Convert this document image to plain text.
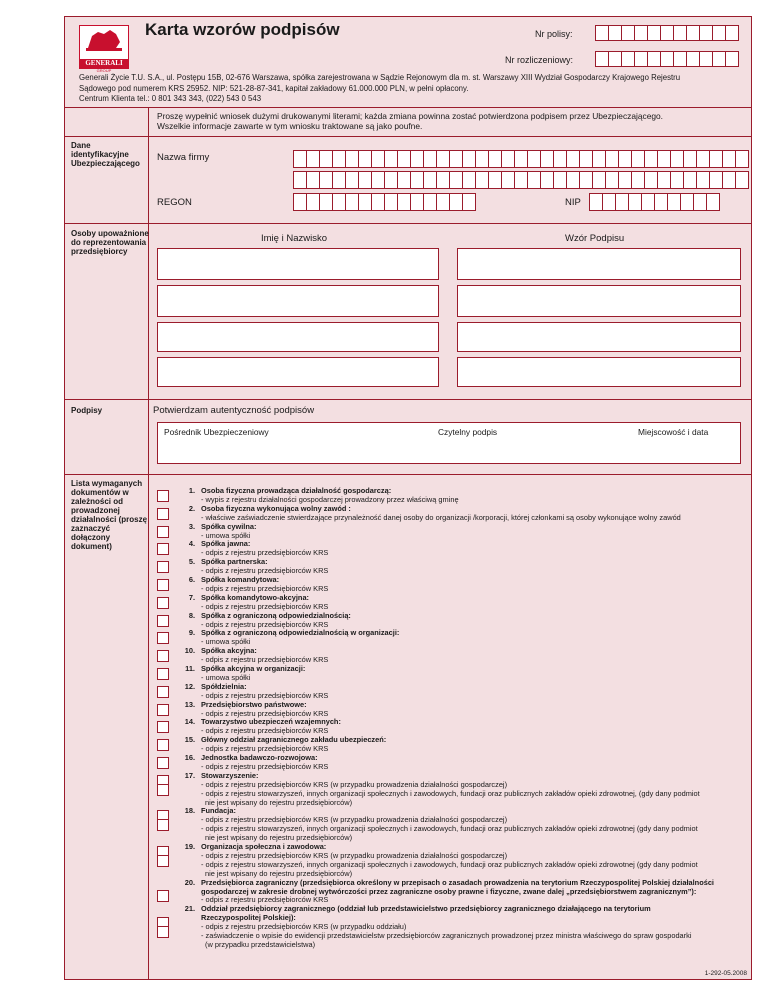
GENERALI
GROUP
Karta wzorów podpisów	Nr polisy:
Nr rozliczeniowy:
Generali Życie T.U. S.A., ul. Postępu 15B, 02-676 Warszawa, spółka zarejestrowana w Sądzie Rejonowym dla m. st. Warszawy XIII Wydział Gospodarczy Krajowego Rejestru
Sądowego pod numerem KRS 25952. NIP: 521-28-87-341, kapitał zakładowy 61.000.000 PLN, w pełni opłacony.
Centrum Klienta tel.: 0 801 343 343, (022) 543 0 543
Proszę wypełnić wniosek dużymi drukowanymi literami; każda zmiana powinna zostać potwierdzona podpisem przez Ubezpieczającego.
Wszelkie informacje zawarte w tym wniosku traktowane są jako poufne.
Dane identyfikacyjne Ubezpieczającego
Nazwa firmy
REGON	NIP
Osoby upoważnione do reprezentowania przedsiębiorcy
Imię i Nazwisko	Wzór Podpisu
Podpisy	Potwierdzam autentyczność podpisów
Pośrednik Ubezpieczeniowy	Czytelny podpis	Miejscowość i data
Lista wymaganych dokumentów w zależności od prowadzonej działalności (proszę zaznaczyć dołączony dokument)
1. Osoba fizyczna prowadząca działalność gospodarczą:
- wypis z rejestru działalności gospodarczej prowadzony przez właściwą gminę
2. Osoba fizyczna wykonująca wolny zawód :
- właściwe zaświadczenie stwierdzające przynależność danej osoby do organizacji /korporacji, której członkami są osoby wykonujące wolny zawód
3. Spółka cywilna:
- umowa spółki
4. Spółka jawna:
- odpis z rejestru przedsiębiorców KRS
5. Spółka partnerska:
- odpis z rejestru przedsiębiorców KRS
6. Spółka komandytowa:
- odpis z rejestru przedsiębiorców KRS
7. Spółka komandytowo-akcyjna:
- odpis z rejestru przedsiębiorców KRS
8. Spółka z ograniczoną odpowiedzialnością:
- odpis z rejestru przedsiębiorców KRS
9. Spółka z ograniczoną odpowiedzialnością w organizacji:
- umowa spółki
10. Spółka akcyjna:
- odpis z rejestru przedsiębiorców KRS
11. Spółka akcyjna w organizacji:
- umowa spółki
12. Spółdzielnia:
- odpis z rejestru przedsiębiorców KRS
13. Przedsiębiorstwo państwowe:
- odpis z rejestru przedsiębiorców KRS
14. Towarzystwo ubezpieczeń wzajemnych:
- odpis z rejestru przedsiębiorców KRS
15. Główny oddział zagranicznego zakładu ubezpieczeń:
- odpis z rejestru przedsiębiorców KRS
16. Jednostka badawczo-rozwojowa:
- odpis z rejestru przedsiębiorców KRS
17. Stowarzyszenie:
- odpis z rejestru przedsiębiorców KRS (w przypadku prowadzenia działalności gospodarczej)
- odpis z rejestru stowarzyszeń, innych organizacji społecznych i zawodowych, fundacji oraz publicznych zakładów opieki zdrowotnej, (gdy dany podmiot
nie jest wpisany do rejestru przedsiębiorców)
18. Fundacja:
- odpis z rejestru przedsiębiorców KRS (w przypadku prowadzenia działalności gospodarczej)
- odpis z rejestru stowarzyszeń, innych organizacji społecznych i zawodowych, fundacji oraz publicznych zakładów opieki zdrowotnej (gdy dany podmiot
nie jest wpisany do rejestru przedsiębiorców)
19. Organizacja społeczna i zawodowa:
- odpis z rejestru przedsiębiorców KRS (w przypadku prowadzenia działalności gospodarczej)
- odpis z rejestru stowarzyszeń, innych organizacji społecznych i zawodowych, fundacji oraz publicznych zakładów opieki zdrowotnej (gdy dany podmiot
nie jest wpisany do rejestru przedsiębiorców)
20. Przedsiębiorca zagraniczny (przedsiębiorca określony w przepisach o zasadach prowadzenia na terytorium Rzeczypospolitej Polskiej działalności
gospodarczej w zakresie drobnej wytwórczości przez zagraniczne osoby prawne i fizyczne, zwane dalej „przedsiębiorstwem zagranicznym”):
- odpis z rejestru przedsiębiorców KRS
21. Oddział przedsiębiorcy zagranicznego (oddział lub przedstawicielstwo przedsiębiorcy zagranicznego działającego na terytorium
Rzeczypospolitej Polskiej):
- odpis z rejestru przedsiębiorców KRS (w przypadku oddziału)
- zaświadczenie o wpisie do ewidencji przedstawicielstw przedsiębiorców zagranicznych prowadzonej przez ministra właściwego do spraw gospodarki
(w przypadku przedstawicielstwa)
1-292-05.2008
